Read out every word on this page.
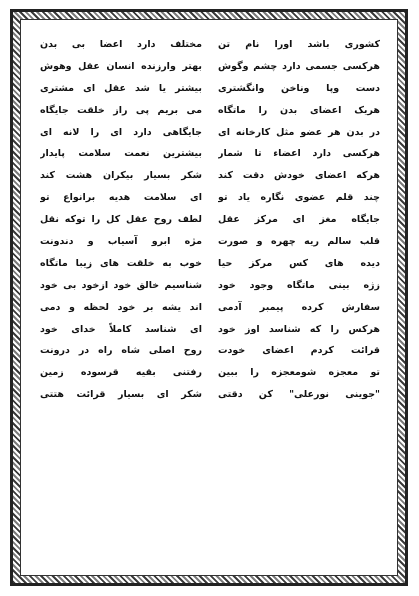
کشوری باشد اورا نام تن
مختلف دارد اعضا بی بدن
هرکسی جسمی دارد چشم وگوش
بهتر وارزنده انسان عقل وهوش
دست وپا وناخن وانگشتری
بیشتر یا شد عقل ای مشتری
هریک اعضای بدن را ماتگاه
می بریم پی راز خلقت جایگاه
در بدن هر عضو مثل کارخانه ای
جایگاهی دارد ای را لانه ای
هرکسی دارد اعضاء تا شمار
بیشترین نعمت سلامت پایدار
هرکه اعضای خودش دقت کند
شکر بسیار بیکران هشت کند
چند قلم عضوی نگاره یاد تو
ای سلامت هدیه برانواع تو
جایگاه مغز ای مرکز عقل
لطف روح عقل کل را توکه نقل
قلب سالم ریه چهره و صورت
مژه ابرو آسیاب و دندونت
دیده های کس مرکز حیا
خوب به خلقت های زیبا ماتگاه
زژه بینی ماتگاه وجود خود
شناسیم خالق خود ازخود بی خود
سفارش کرده پیمبر آدمی
اند یشه بر خود لحظه و دمی
هرکس را که شناسد اوز خود
ای شناسد کاملاً خدای خود
قرائت کردم اعضای خودت
روح اصلی شاه راه در درونت
تو معجزه شومعجزه را ببین
رفتنی بقیه قرسوده زمین
"جوینی نورعلی" کن دقتی
شکر ای بسیار قرائت هتتی
